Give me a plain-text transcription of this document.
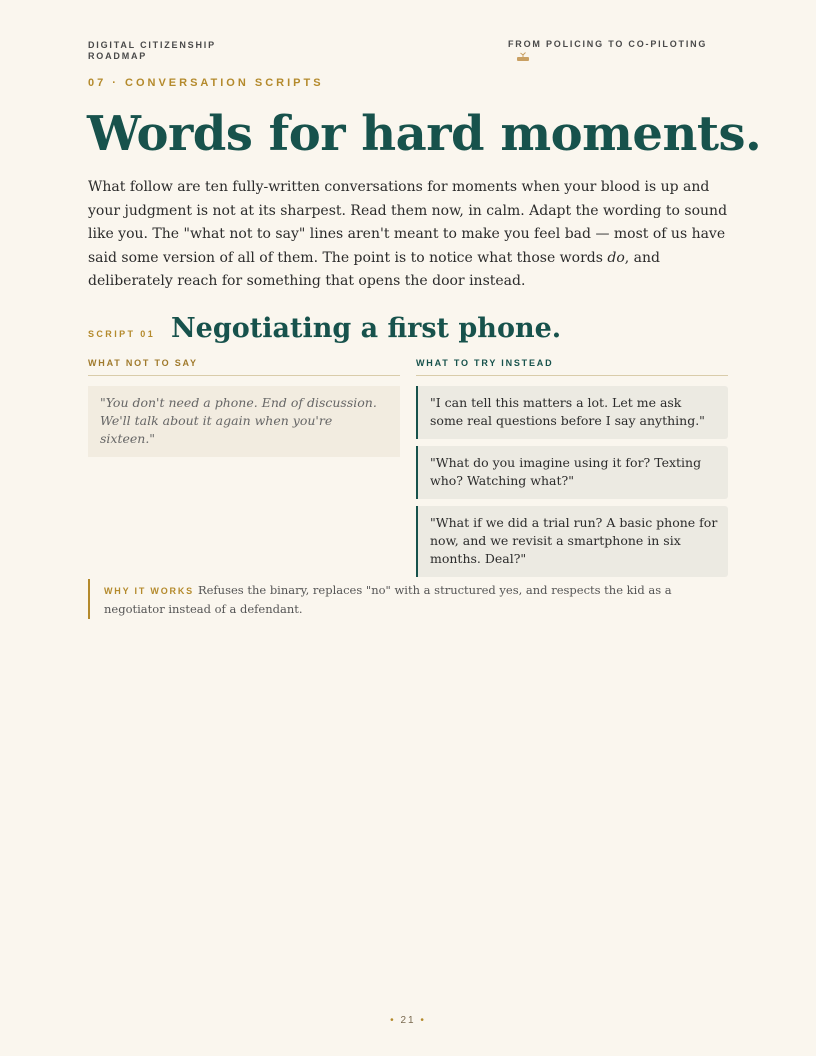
DIGITAL CITIZENSHIP ROADMAP
FROM POLICING TO CO-PILOTING
07 · CONVERSATION SCRIPTS
Words for hard moments.

What follow are ten fully-written conversations for moments when your blood is up and your judgment is not at its sharpest. Read them now, in calm. Adapt the wording to sound like you. The "what not to say" lines aren't meant to make you feel bad — most of us have said some version of all of them. The point is to notice what those words do, and deliberately reach for something that opens the door instead.

SCRIPT 01 Negotiating a first phone.
WHAT NOT TO SAY	WHAT TO TRY INSTEAD
"You don't need a phone. End of discussion. We'll talk about it again when you're sixteen."
"I can tell this matters a lot. Let me ask some real questions before I say anything."
"What do you imagine using it for? Texting who? Watching what?"
"What if we did a trial run? A basic phone for now, and we revisit a smartphone in six months. Deal?"
WHY IT WORKS Refuses the binary, replaces "no" with a structured yes, and respects the kid as a negotiator instead of a defendant.
• 21 •
